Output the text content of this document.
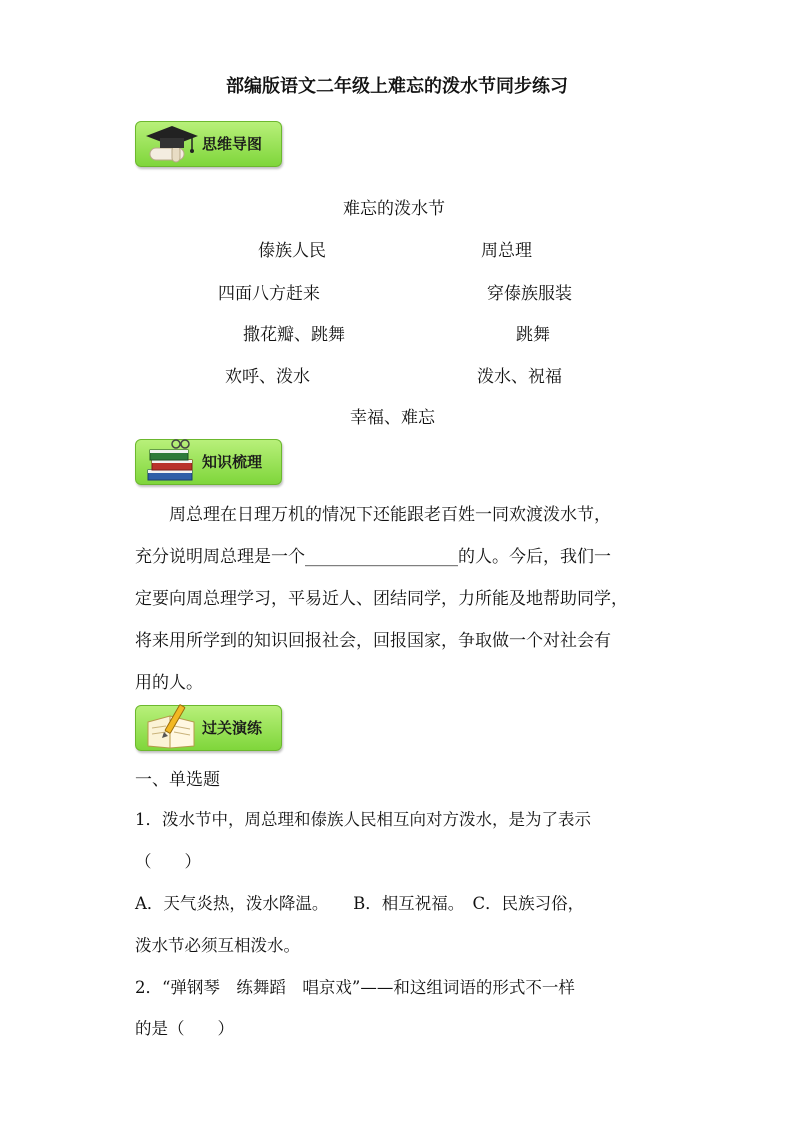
部编版语文二年级上难忘的泼水节同步练习
思维导图
难忘的泼水节
傣族人民	周总理
四面八方赶来	穿傣族服装
撒花瓣、跳舞	跳舞
欢呼、泼水	泼水、祝福
幸福、难忘
知识梳理

周总理在日理万机的情况下还能跟老百姓一同欢渡泼水节，

充分说明周总理是一个__________________的人。今后，我们一

定要向周总理学习，平易近人、团结同学，力所能及地帮助同学，

将来用所学到的知识回报社会，回报国家，争取做一个对社会有

用的人。

过关演练
一、单选题
1．泼水节中，周总理和傣族人民相互向对方泼水，是为了表示
（　　）
A．天气炎热，泼水降温。　　B．相互祝福。　C．民族习俗，
泼水节必须互相泼水。
2．“弹钢琴　练舞蹈　唱京戏”——和这组词语的形式不一样
的是（　　）
